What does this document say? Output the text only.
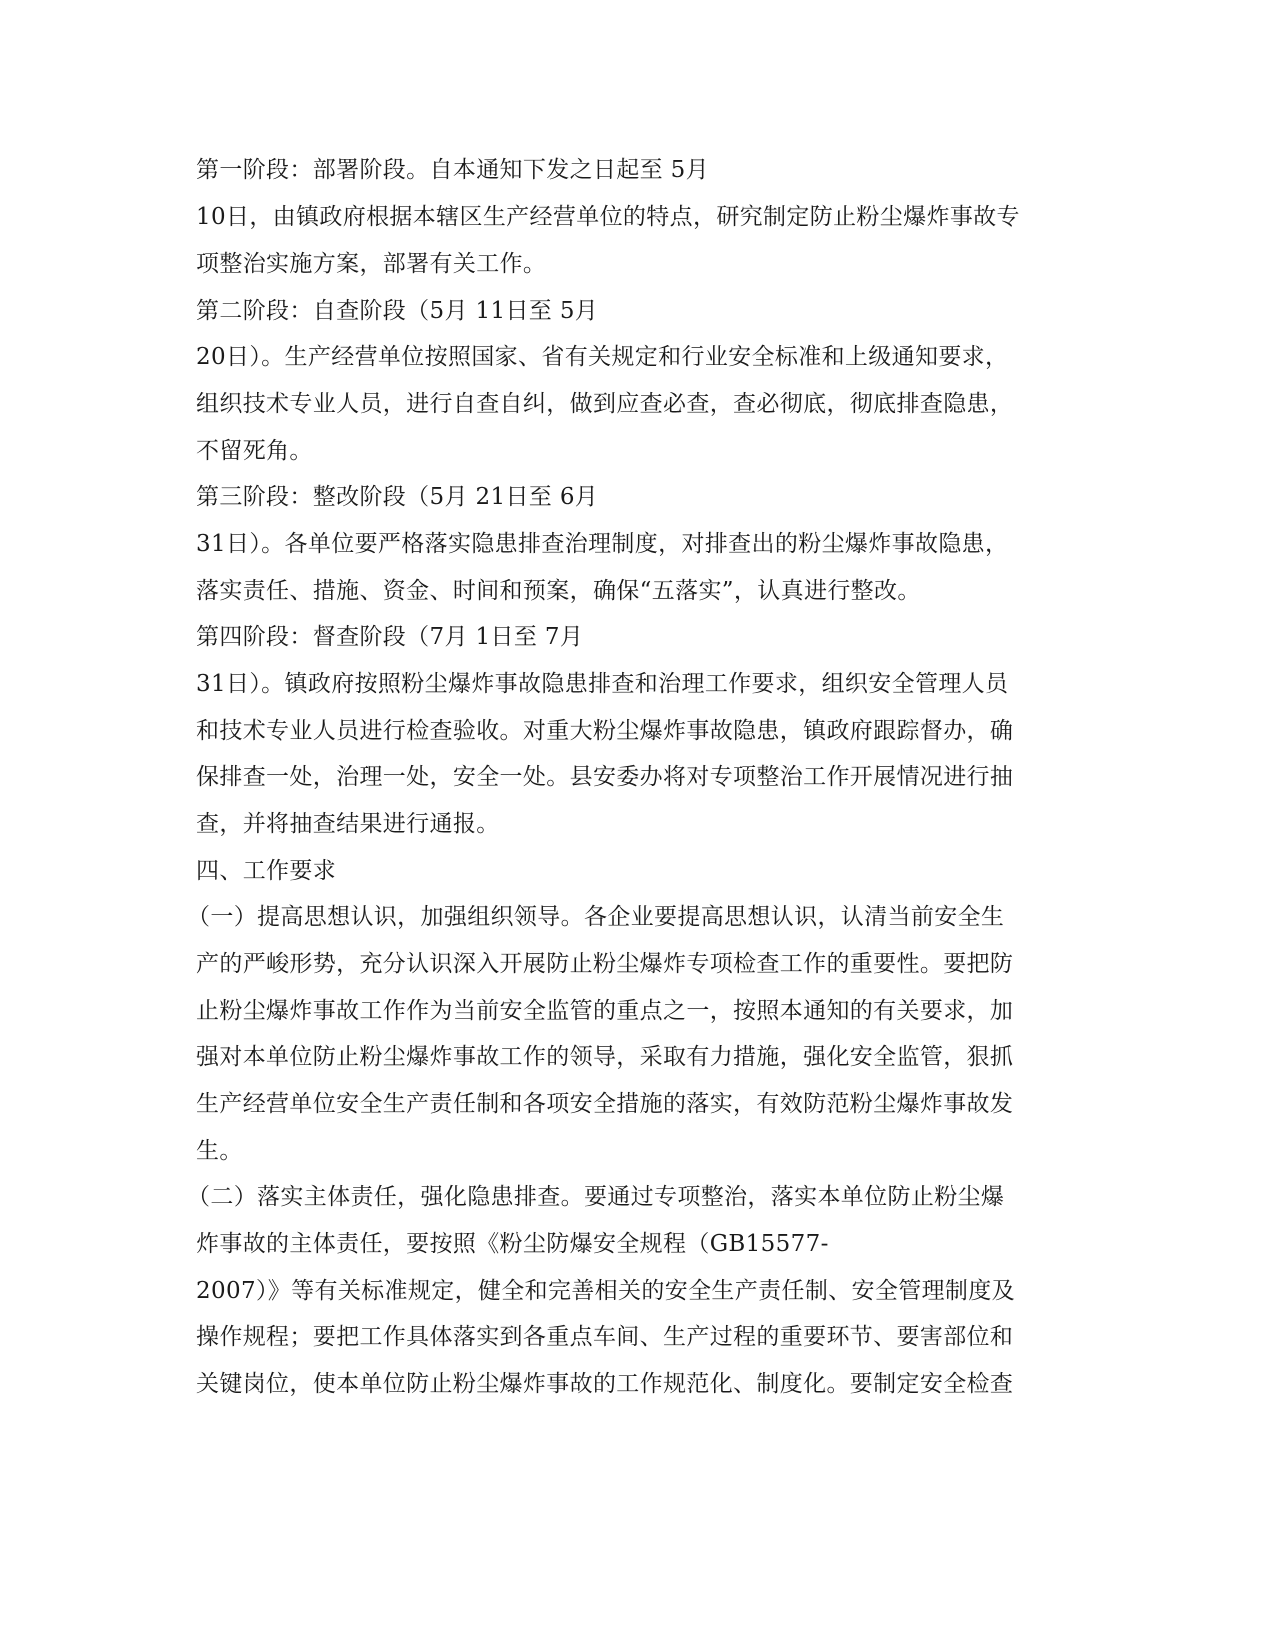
第一阶段：部署阶段。自本通知下发之日起至 5月
10日，由镇政府根据本辖区生产经营单位的特点，研究制定防止粉尘爆炸事故专
项整治实施方案，部署有关工作。
第二阶段：自查阶段（5月 11日至 5月
20日）。生产经营单位按照国家、省有关规定和行业安全标准和上级通知要求，
组织技术专业人员，进行自查自纠，做到应查必查，查必彻底，彻底排查隐患，
不留死角。
第三阶段：整改阶段（5月 21日至 6月
31日）。各单位要严格落实隐患排查治理制度，对排查出的粉尘爆炸事故隐患，
落实责任、措施、资金、时间和预案，确保“五落实”，认真进行整改。
第四阶段：督查阶段（7月 1日至 7月
31日）。镇政府按照粉尘爆炸事故隐患排查和治理工作要求，组织安全管理人员
和技术专业人员进行检查验收。对重大粉尘爆炸事故隐患，镇政府跟踪督办，确
保排查一处，治理一处，安全一处。县安委办将对专项整治工作开展情况进行抽
查，并将抽查结果进行通报。
四、工作要求
（一）提高思想认识，加强组织领导。各企业要提高思想认识，认清当前安全生
产的严峻形势，充分认识深入开展防止粉尘爆炸专项检查工作的重要性。要把防
止粉尘爆炸事故工作作为当前安全监管的重点之一，按照本通知的有关要求，加
强对本单位防止粉尘爆炸事故工作的领导，采取有力措施，强化安全监管，狠抓
生产经营单位安全生产责任制和各项安全措施的落实，有效防范粉尘爆炸事故发
生。
（二）落实主体责任，强化隐患排查。要通过专项整治，落实本单位防止粉尘爆
炸事故的主体责任，要按照《粉尘防爆安全规程（GB15577-
2007）》等有关标准规定，健全和完善相关的安全生产责任制、安全管理制度及
操作规程；要把工作具体落实到各重点车间、生产过程的重要环节、要害部位和
关键岗位，使本单位防止粉尘爆炸事故的工作规范化、制度化。要制定安全检查
